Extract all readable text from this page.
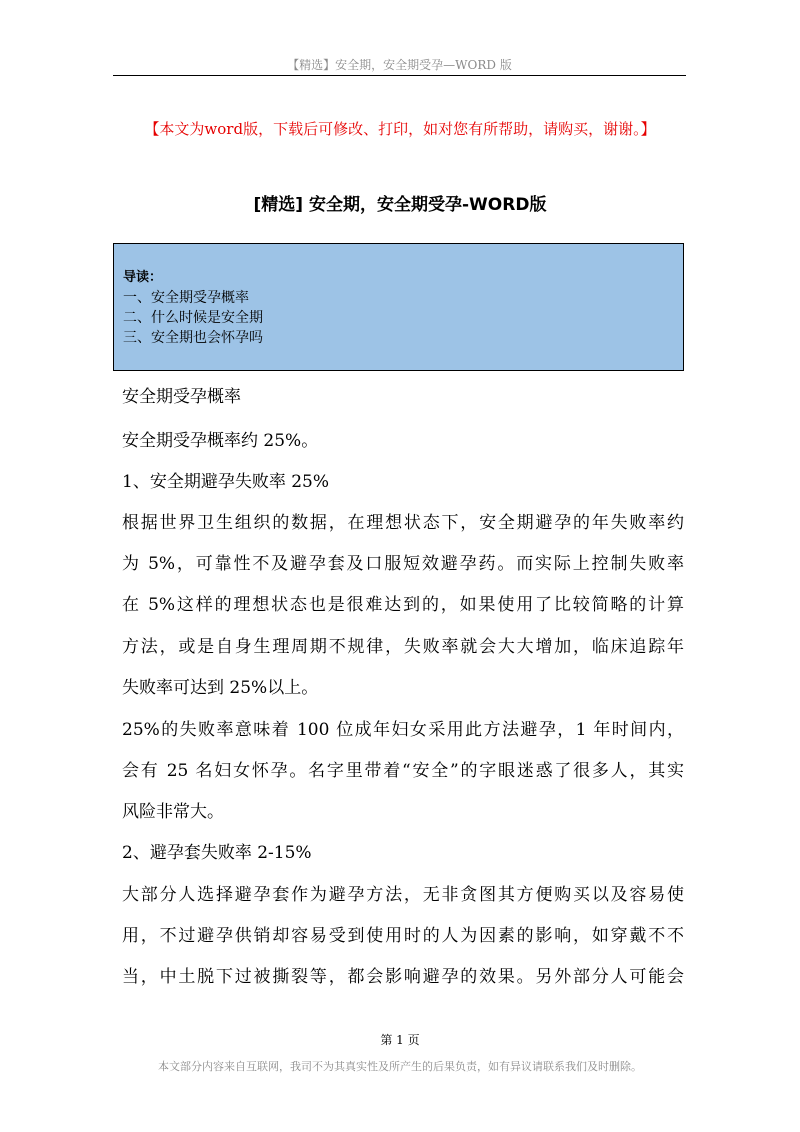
【精选】安全期，安全期受孕—WORD 版
【本文为word版，下载后可修改、打印，如对您有所帮助，请购买，谢谢。】
[精选] 安全期，安全期受孕-WORD版
导读：
一、安全期受孕概率
二、什么时候是安全期
三、安全期也会怀孕吗
安全期受孕概率
安全期受孕概率约 25%。
1、安全期避孕失败率 25%
根据世界卫生组织的数据，在理想状态下，安全期避孕的年失败率约
为 5%，可靠性不及避孕套及口服短效避孕药。而实际上控制失败率
在 5%这样的理想状态也是很难达到的，如果使用了比较简略的计算
方法，或是自身生理周期不规律，失败率就会大大增加，临床追踪年
失败率可达到 25%以上。
25%的失败率意味着 100 位成年妇女采用此方法避孕，1 年时间内，
会有 25 名妇女怀孕。名字里带着“安全”的字眼迷惑了很多人，其实
风险非常大。
2、避孕套失败率 2-15%
大部分人选择避孕套作为避孕方法，无非贪图其方便购买以及容易使
用，不过避孕供销却容易受到使用时的人为因素的影响，如穿戴不不
当，中土脱下过被撕裂等，都会影响避孕的效果。另外部分人可能会
第 1 页
本文部分内容来自互联网，我司不为其真实性及所产生的后果负责，如有异议请联系我们及时删除。
